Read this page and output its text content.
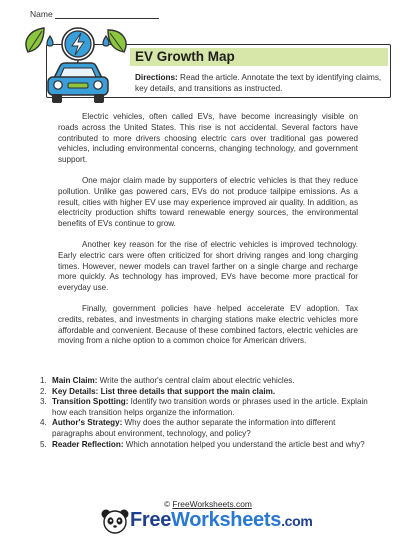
Name
EV Growth Map
Directions: Read the article. Annotate the text by identifying claims, key details, and transitions as instructed.

Electric vehicles, often called EVs, have become increasingly visible on roads across the United States. This rise is not accidental. Several factors have contributed to more drivers choosing electric cars over traditional gas powered vehicles, including environmental concerns, changing technology, and government support.

One major claim made by supporters of electric vehicles is that they reduce pollution. Unlike gas powered cars, EVs do not produce tailpipe emissions. As a result, cities with higher EV use may experience improved air quality. In addition, as electricity production shifts toward renewable energy sources, the environmental benefits of EVs continue to grow.

Another key reason for the rise of electric vehicles is improved technology. Early electric cars were often criticized for short driving ranges and long charging times. However, newer models can travel farther on a single charge and recharge more quickly. As technology has improved, EVs have become more practical for everyday use.

Finally, government policies have helped accelerate EV adoption. Tax credits, rebates, and investments in charging stations make electric vehicles more affordable and convenient. Because of these combined factors, electric vehicles are moving from a niche option to a common choice for American drivers.

1. Main Claim: Write the author's central claim about electric vehicles.
2. Key Details: List three details that support the main claim.
3. Transition Spotting: Identify two transition words or phrases used in the article. Explain how each transition helps organize the information.
4. Author's Strategy: Why does the author separate the information into different paragraphs about environment, technology, and policy?
5. Reader Reflection: Which annotation helped you understand the article best and why?
© FreeWorksheets.com
FreeWorksheets.com
